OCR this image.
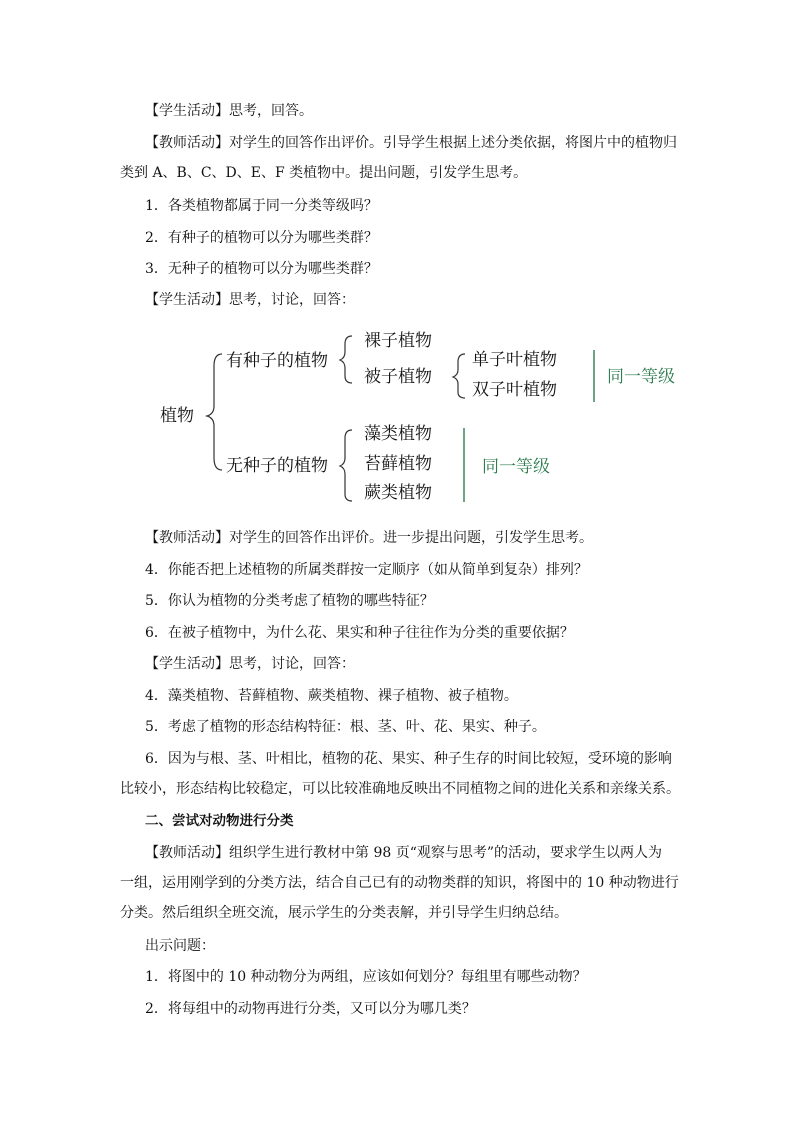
【学生活动】思考，回答。
【教师活动】对学生的回答作出评价。引导学生根据上述分类依据，将图片中的植物归
类到 A、B、C、D、E、F 类植物中。提出问题，引发学生思考。
1．各类植物都属于同一分类等级吗？
2．有种子的植物可以分为哪些类群？
3．无种子的植物可以分为哪些类群？
【学生活动】思考，讨论，回答：
植物
有种子的植物
无种子的植物
裸子植物
被子植物
单子叶植物
双子叶植物
同一等级
藻类植物
苔藓植物
蕨类植物
同一等级
【教师活动】对学生的回答作出评价。进一步提出问题，引发学生思考。
4．你能否把上述植物的所属类群按一定顺序（如从简单到复杂）排列？
5．你认为植物的分类考虑了植物的哪些特征？
6．在被子植物中，为什么花、果实和种子往往作为分类的重要依据？
【学生活动】思考，讨论，回答：
4．藻类植物、苔藓植物、蕨类植物、裸子植物、被子植物。
5．考虑了植物的形态结构特征：根、茎、叶、花、果实、种子。
6．因为与根、茎、叶相比，植物的花、果实、种子生存的时间比较短，受环境的影响
比较小，形态结构比较稳定，可以比较准确地反映出不同植物之间的进化关系和亲缘关系。
二、尝试对动物进行分类
【教师活动】组织学生进行教材中第 98 页“观察与思考”的活动，要求学生以两人为
一组，运用刚学到的分类方法，结合自己已有的动物类群的知识，将图中的 10 种动物进行
分类。然后组织全班交流，展示学生的分类表解，并引导学生归纳总结。
出示问题：
1．将图中的 10 种动物分为两组，应该如何划分？每组里有哪些动物？
2．将每组中的动物再进行分类，又可以分为哪几类？
